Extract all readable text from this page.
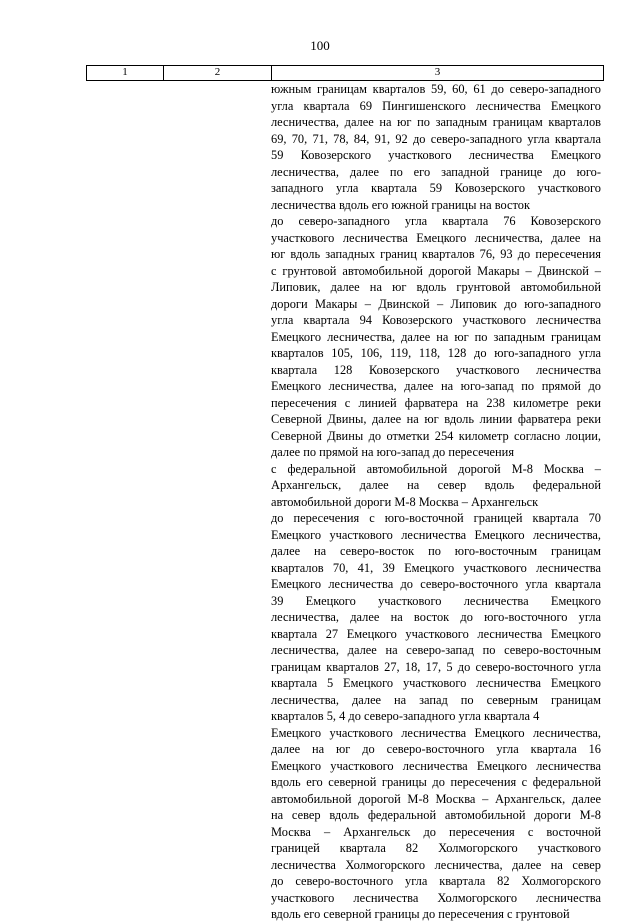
100
1	2	3
южным границам кварталов 59, 60, 61 до северо-западного
угла квартала 69 Пингишенского лесничества Емецкого
лесничества, далее на юг по западным границам кварталов
69, 70, 71, 78, 84, 91, 92 до северо-западного угла квартала
59 Ковозерского участкового лесничества Емецкого
лесничества, далее по его западной границе до юго-
западного угла квартала 59 Ковозерского участкового
лесничества вдоль его южной границы на восток
до северо-западного угла квартала 76 Ковозерского
участкового лесничества Емецкого лесничества, далее на
юг вдоль западных границ кварталов 76, 93 до пересечения
с грунтовой автомобильной дорогой Макары – Двинской –
Липовик, далее на юг вдоль грунтовой автомобильной
дороги Макары – Двинской – Липовик до юго-западного
угла квартала 94 Ковозерского участкового лесничества
Емецкого лесничества, далее на юг по западным границам
кварталов 105, 106, 119, 118, 128 до юго-западного угла
квартала 128 Ковозерского участкового лесничества
Емецкого лесничества, далее на юго-запад по прямой до
пересечения с линией фарватера на 238 километре реки
Северной Двины, далее на юг вдоль линии фарватера реки
Северной Двины до отметки 254 километр согласно лоции,
далее по прямой на юго-запад до пересечения
с федеральной автомобильной дорогой М-8 Москва –
Архангельск, далее на север вдоль федеральной
автомобильной дороги М-8 Москва – Архангельск
до пересечения с юго-восточной границей квартала 70
Емецкого участкового лесничества Емецкого лесничества,
далее на северо-восток по юго-восточным границам
кварталов 70, 41, 39 Емецкого участкового лесничества
Емецкого лесничества до северо-восточного угла квартала
39 Емецкого участкового лесничества Емецкого
лесничества, далее на восток до юго-восточного угла
квартала 27 Емецкого участкового лесничества Емецкого
лесничества, далее на северо-запад по северо-восточным
границам кварталов 27, 18, 17, 5 до северо-восточного угла
квартала 5 Емецкого участкового лесничества Емецкого
лесничества, далее на запад по северным границам
кварталов 5, 4 до северо-западного угла квартала 4
Емецкого участкового лесничества Емецкого лесничества,
далее на юг до северо-восточного угла квартала 16
Емецкого участкового лесничества Емецкого лесничества
вдоль его северной границы до пересечения с федеральной
автомобильной дорогой М-8 Москва – Архангельск, далее
на север вдоль федеральной автомобильной дороги М-8
Москва – Архангельск до пересечения с восточной
границей квартала 82 Холмогорского участкового
лесничества Холмогорского лесничества, далее на север
до северо-восточного угла квартала 82 Холмогорского
участкового лесничества Холмогорского лесничества
вдоль его северной границы до пересечения с грунтовой
